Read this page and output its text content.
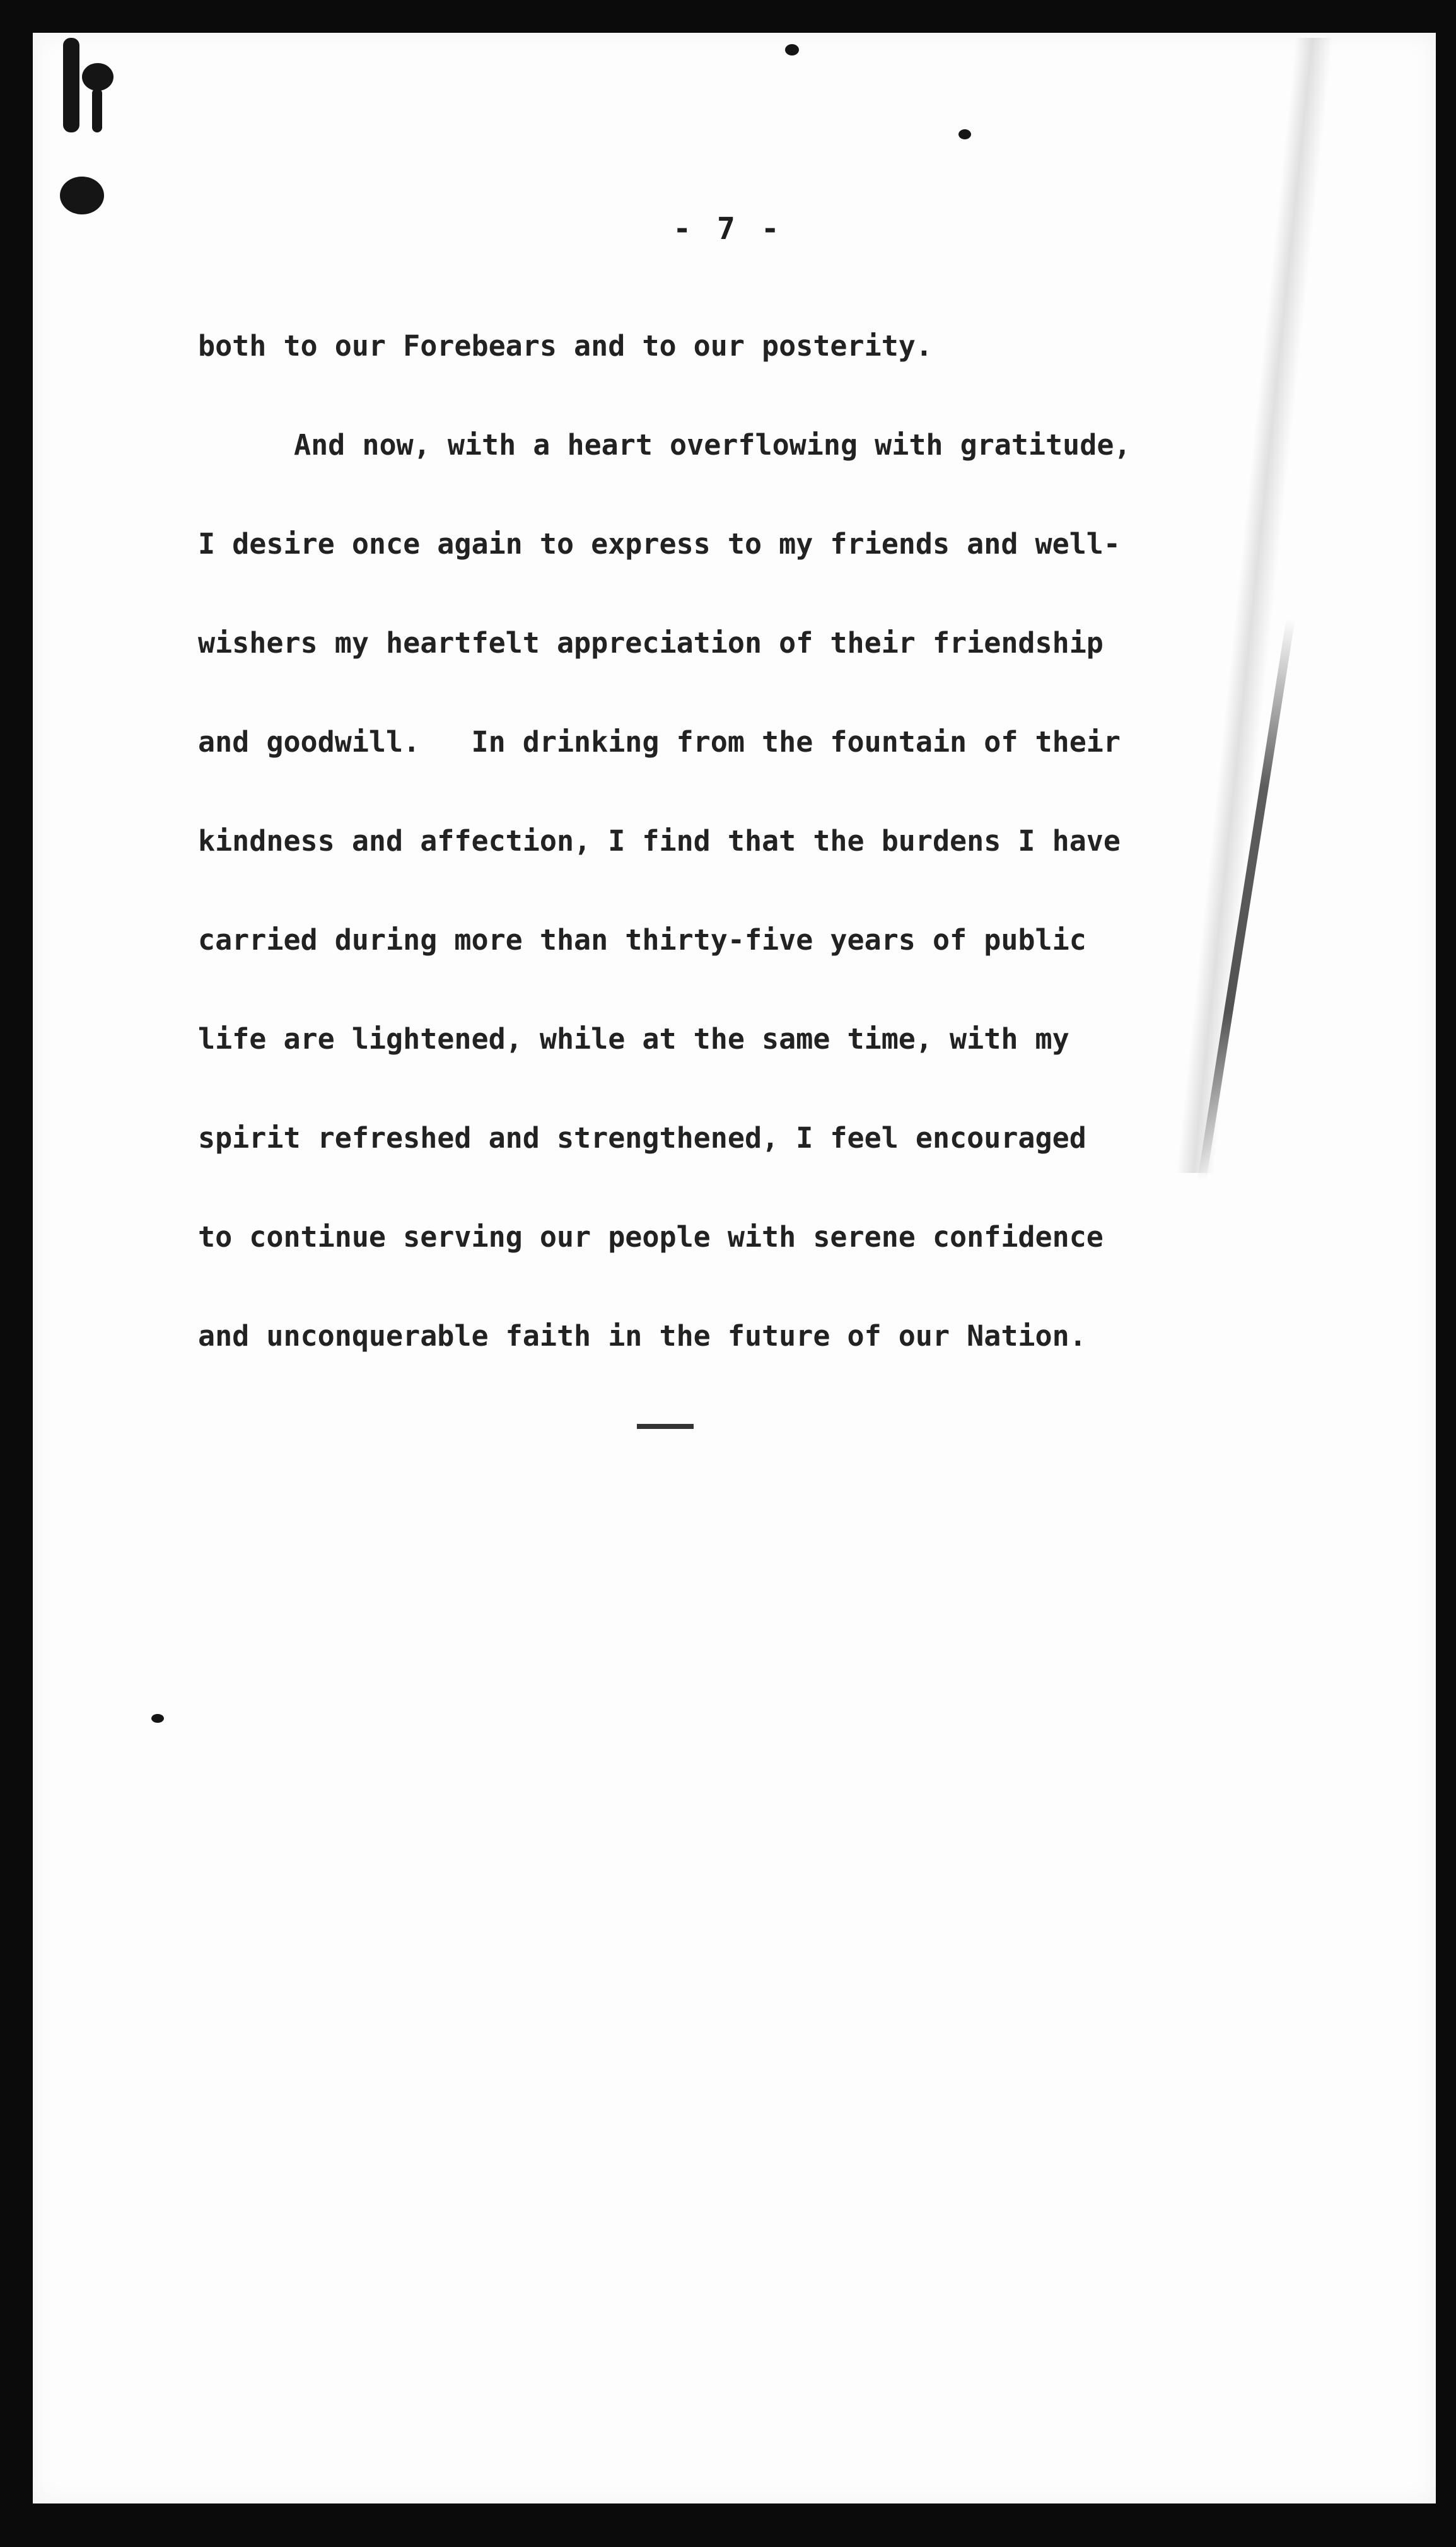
- 7 -
both to our Forebears and to our posterity.
And now, with a heart overflowing with gratitude,
I desire once again to express to my friends and well-
wishers my heartfelt appreciation of their friendship
and goodwill.   In drinking from the fountain of their
kindness and affection, I find that the burdens I have
carried during more than thirty-five years of public
life are lightened, while at the same time, with my
spirit refreshed and strengthened, I feel encouraged
to continue serving our people with serene confidence
and unconquerable faith in the future of our Nation.
